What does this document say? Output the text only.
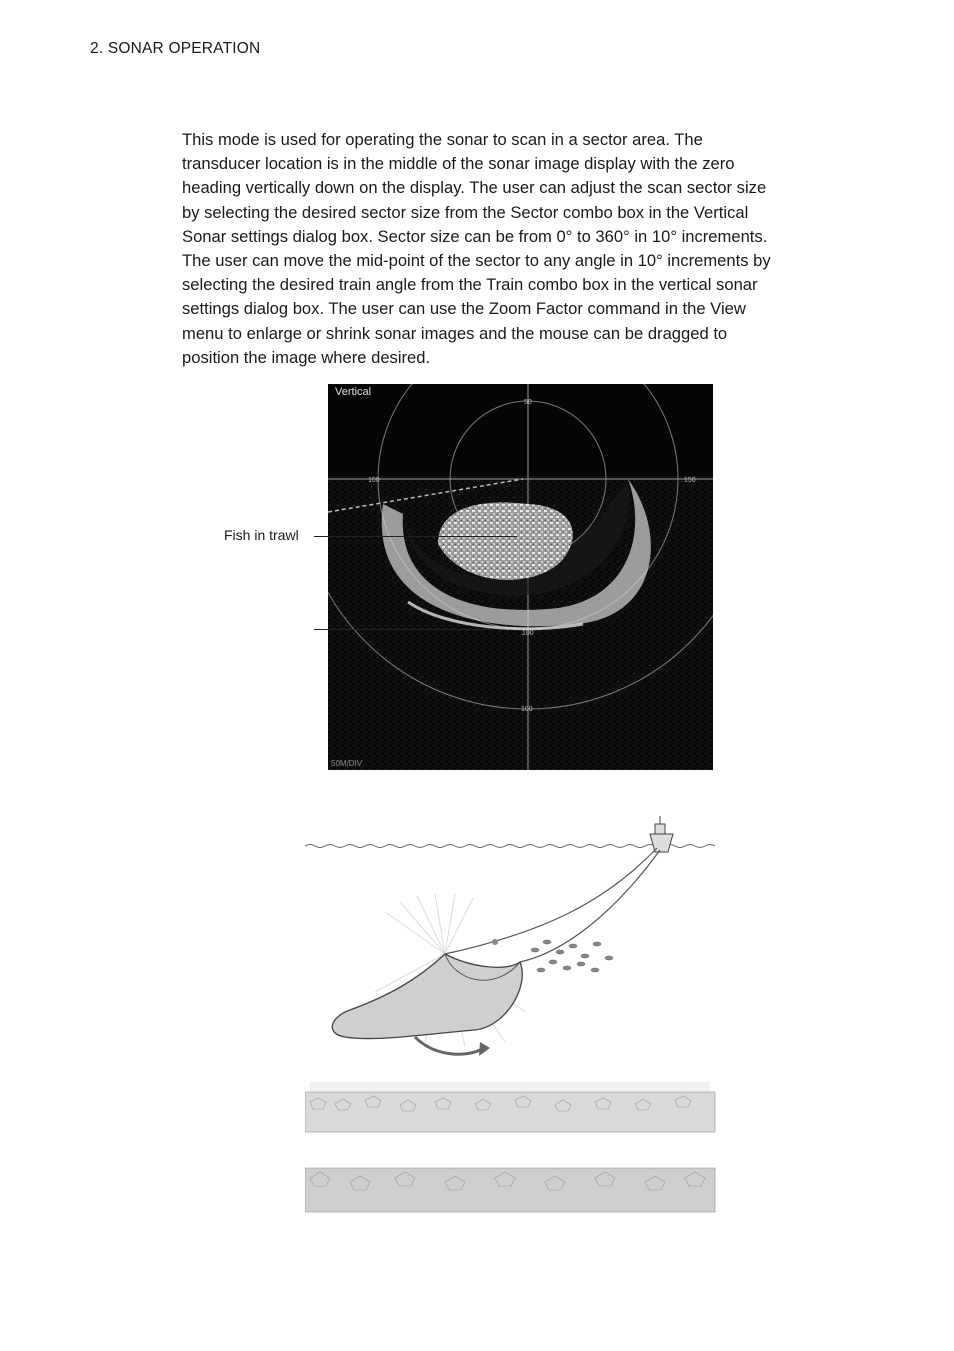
2. SONAR OPERATION
This mode is used for operating the sonar to scan in a sector area. The
transducer location is in the middle of the sonar image display with the zero
heading vertically down on the display. The user can adjust the scan sector size
by selecting the desired sector size from the Sector combo box in the Vertical
Sonar settings dialog box. Sector size can be from 0° to 360° in 10° increments.
The user can move the mid-point of the sector to any angle in 10° increments by
selecting the desired train angle from the Train combo box in the vertical sonar
settings dialog box. The user can use the Zoom Factor command in the View
menu to enlarge or shrink sonar images and the mouse can be dragged to
position the image where desired.
50
100	150
100
100
Vertical
50M/DIV
Fish in trawl
